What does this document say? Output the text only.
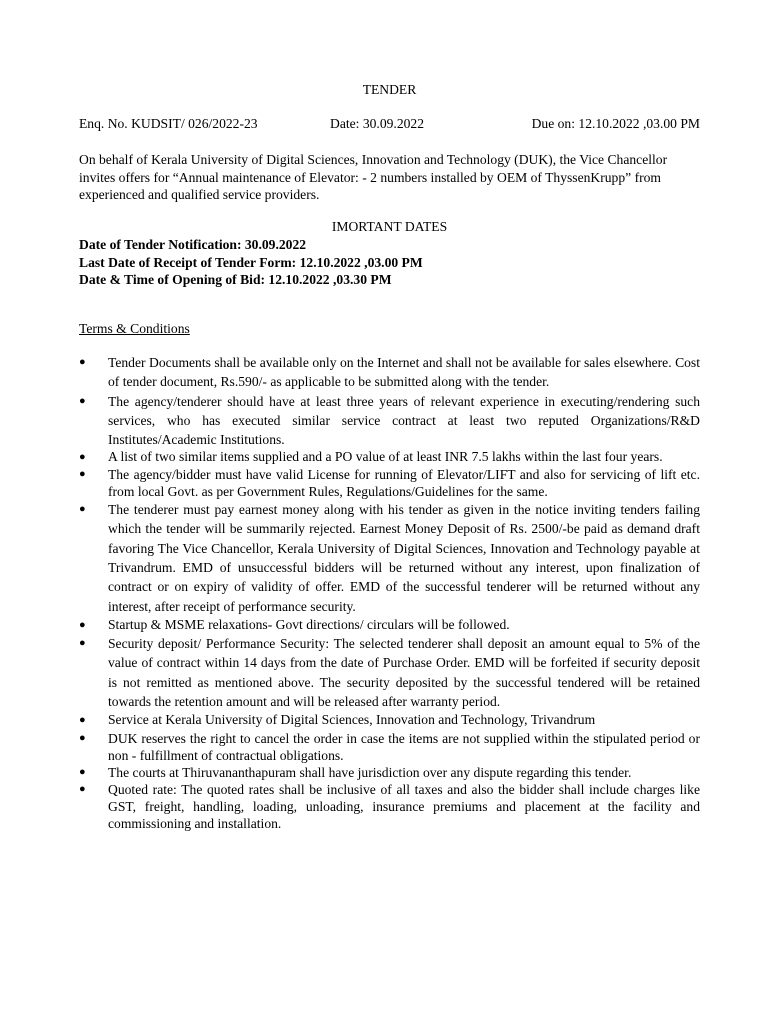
TENDER
Enq. No. KUDSIT/ 026/2022-23	Date: 30.09.2022	Due on: 12.10.2022 ,03.00 PM

On behalf of Kerala University of Digital Sciences, Innovation and Technology (DUK), the Vice Chancellor invites offers for “Annual maintenance of Elevator: - 2 numbers installed by OEM of ThyssenKrupp” from experienced and qualified service providers.

IMORTANT DATES
Date of Tender Notification: 30.09.2022
Last Date of Receipt of Tender Form: 12.10.2022 ,03.00 PM
Date & Time of Opening of Bid: 12.10.2022 ,03.30 PM
Terms & Conditions
● Tender Documents shall be available only on the Internet and shall not be available for sales elsewhere. Cost of tender document, Rs.590/- as applicable to be submitted along with the tender.
● The agency/tenderer should have at least three years of relevant experience in executing/rendering such services, who has executed similar service contract at least two reputed Organizations/R&D Institutes/Academic Institutions.
● A list of two similar items supplied and a PO value of at least INR 7.5 lakhs within the last four years.
● The agency/bidder must have valid License for running of Elevator/LIFT and also for servicing of lift etc. from local Govt. as per Government Rules, Regulations/Guidelines for the same.
● The tenderer must pay earnest money along with his tender as given in the notice inviting tenders failing which the tender will be summarily rejected. Earnest Money Deposit of Rs. 2500/-be paid as demand draft favoring The Vice Chancellor, Kerala University of Digital Sciences, Innovation and Technology payable at Trivandrum. EMD of unsuccessful bidders will be returned without any interest, upon finalization of contract or on expiry of validity of offer. EMD of the successful tenderer will be returned without any interest, after receipt of performance security.
● Startup & MSME relaxations- Govt directions/ circulars will be followed.
● Security deposit/ Performance Security: The selected tenderer shall deposit an amount equal to 5% of the value of contract within 14 days from the date of Purchase Order. EMD will be forfeited if security deposit is not remitted as mentioned above. The security deposited by the successful tendered will be retained towards the retention amount and will be released after warranty period.
● Service at Kerala University of Digital Sciences, Innovation and Technology, Trivandrum
● DUK reserves the right to cancel the order in case the items are not supplied within the stipulated period or non - fulfillment of contractual obligations.
● The courts at Thiruvananthapuram shall have jurisdiction over any dispute regarding this tender.
● Quoted rate: The quoted rates shall be inclusive of all taxes and also the bidder shall include charges like GST, freight, handling, loading, unloading, insurance premiums and placement at the facility and commissioning and installation.
